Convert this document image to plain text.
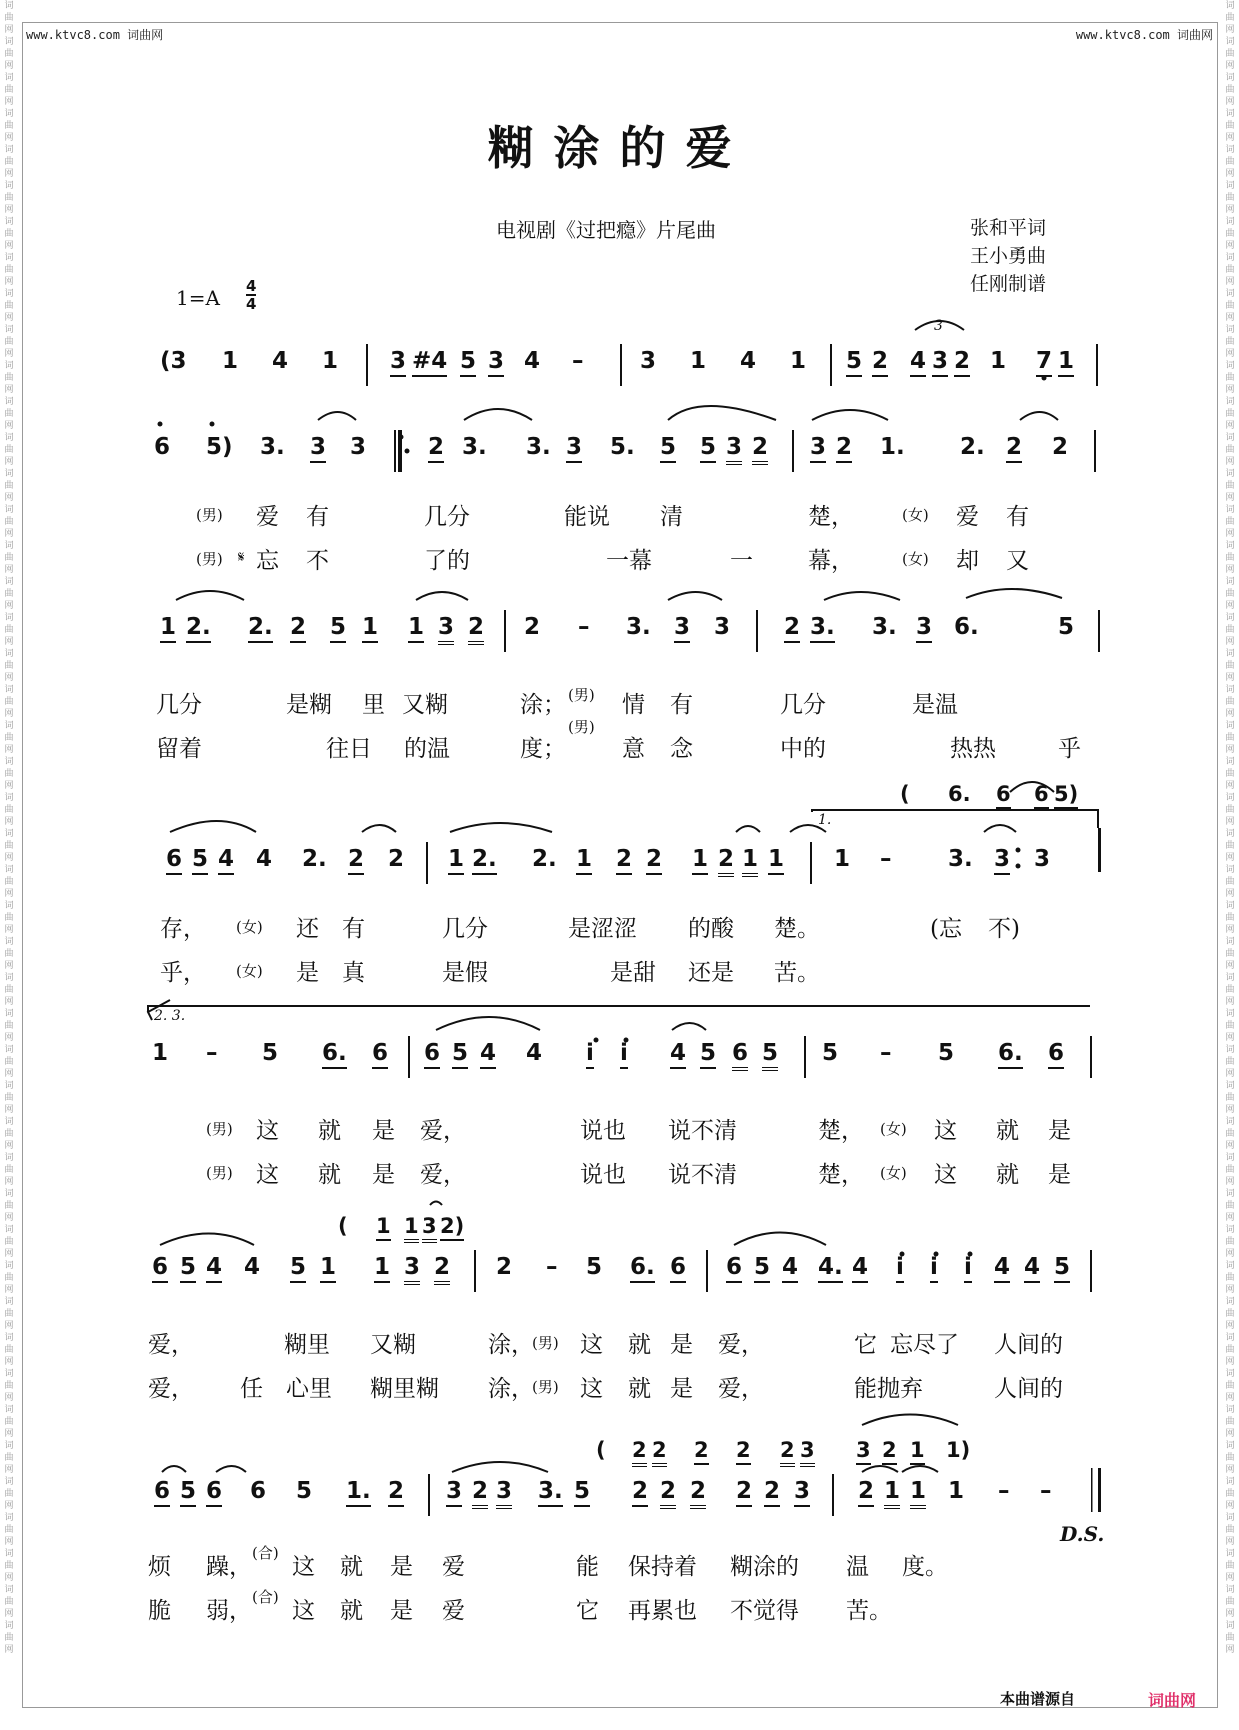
词曲网词曲网词曲网词曲网词曲网词曲网词曲网词曲网词曲网词曲网词曲网词曲网词曲网词曲网词曲网词曲网词曲网词曲网词曲网词曲网词曲网词曲网词曲网词曲网词曲网词曲网词曲网词曲网词曲网词曲网词曲网词曲网词曲网词曲网词曲网词曲网词曲网词曲网词曲网词曲网词曲网词曲网词曲网词曲网词曲网词曲网
词曲网词曲网词曲网词曲网词曲网词曲网词曲网词曲网词曲网词曲网词曲网词曲网词曲网词曲网词曲网词曲网词曲网词曲网词曲网词曲网词曲网词曲网词曲网词曲网词曲网词曲网词曲网词曲网词曲网词曲网词曲网词曲网词曲网词曲网词曲网词曲网词曲网词曲网词曲网词曲网词曲网词曲网词曲网词曲网词曲网词曲网
www.ktvc8.com 词曲网	www.ktvc8.com 词曲网
糊涂的爱
电视剧《过把瘾》片尾曲	张和平词
王小勇曲
任刚制谱
1=A 4
4
3
1.
2. 3.
(3 1 4 1 3 #4 5 3 4 – 3 1 4 1 5 2 4 3 2 1 7 1
6 5) 3. 3 3	2 3. 3. 3 5. 5 5 3 2 3 2 1. 2. 2 2
(男) 爱 有	几分	能说 清	楚，	(女) 爱 有
(男) 𝄋 忘 不	了的	一幕	一 幕，	(女) 却 又
1 2. 2. 2 5 1 1 3 2 2 – 3. 3 3 2 3. 3. 3 6.	5
几分	是糊 里 又糊	涂； (男) 情 有	几分	是温
留着	往日 的温	度；
(男)
意 念	中的	热热	乎
( 6. 6 6 5)
6 5 4 4 2. 2 2 1 2. 2. 1 2 2 1 2 1 1 1 – 3. 3 3
存， (女) 还 有	几分	是涩涩 的酸 楚。	(忘 不)
乎， (女) 是 真	是假	是甜 还是 苦。
1 – 5 6. 6 6 5 4 4 i i 4 5 6 5 5 – 5 6. 6
(男) 这 就 是 爱，	说也 说不清	楚， (女) 这 就 是
(男) 这 就 是 爱，	说也 说不清	楚， (女) 这 就 是
( 1 1 3 2)
6 5 4 4 5 1 1 3 2 2 – 5 6. 6 6 5 4 4. 4 i i i 4 4 5
爱，	糊里 又糊	涂，
(男) 这 就 是 爱，	它 忘尽了 人间的
爱， 任 心里 糊里糊 涂，
(男) 这 就 是 爱，	能抛弃	人间的
( 2 2 2 2 2 3 3 2 1 1)
6 5 6 6 5 1. 2 3 2 3 3. 5 2 2 2 2 2 3 2 1 1 1 – –
D.S.
烦 躁，
(合)
这 就 是 爱	能 保持着 糊涂的 温 度。
脆 弱，
(合)
这 就 是 爱	它 再累也 不觉得 苦。
本曲谱源自	词曲网
